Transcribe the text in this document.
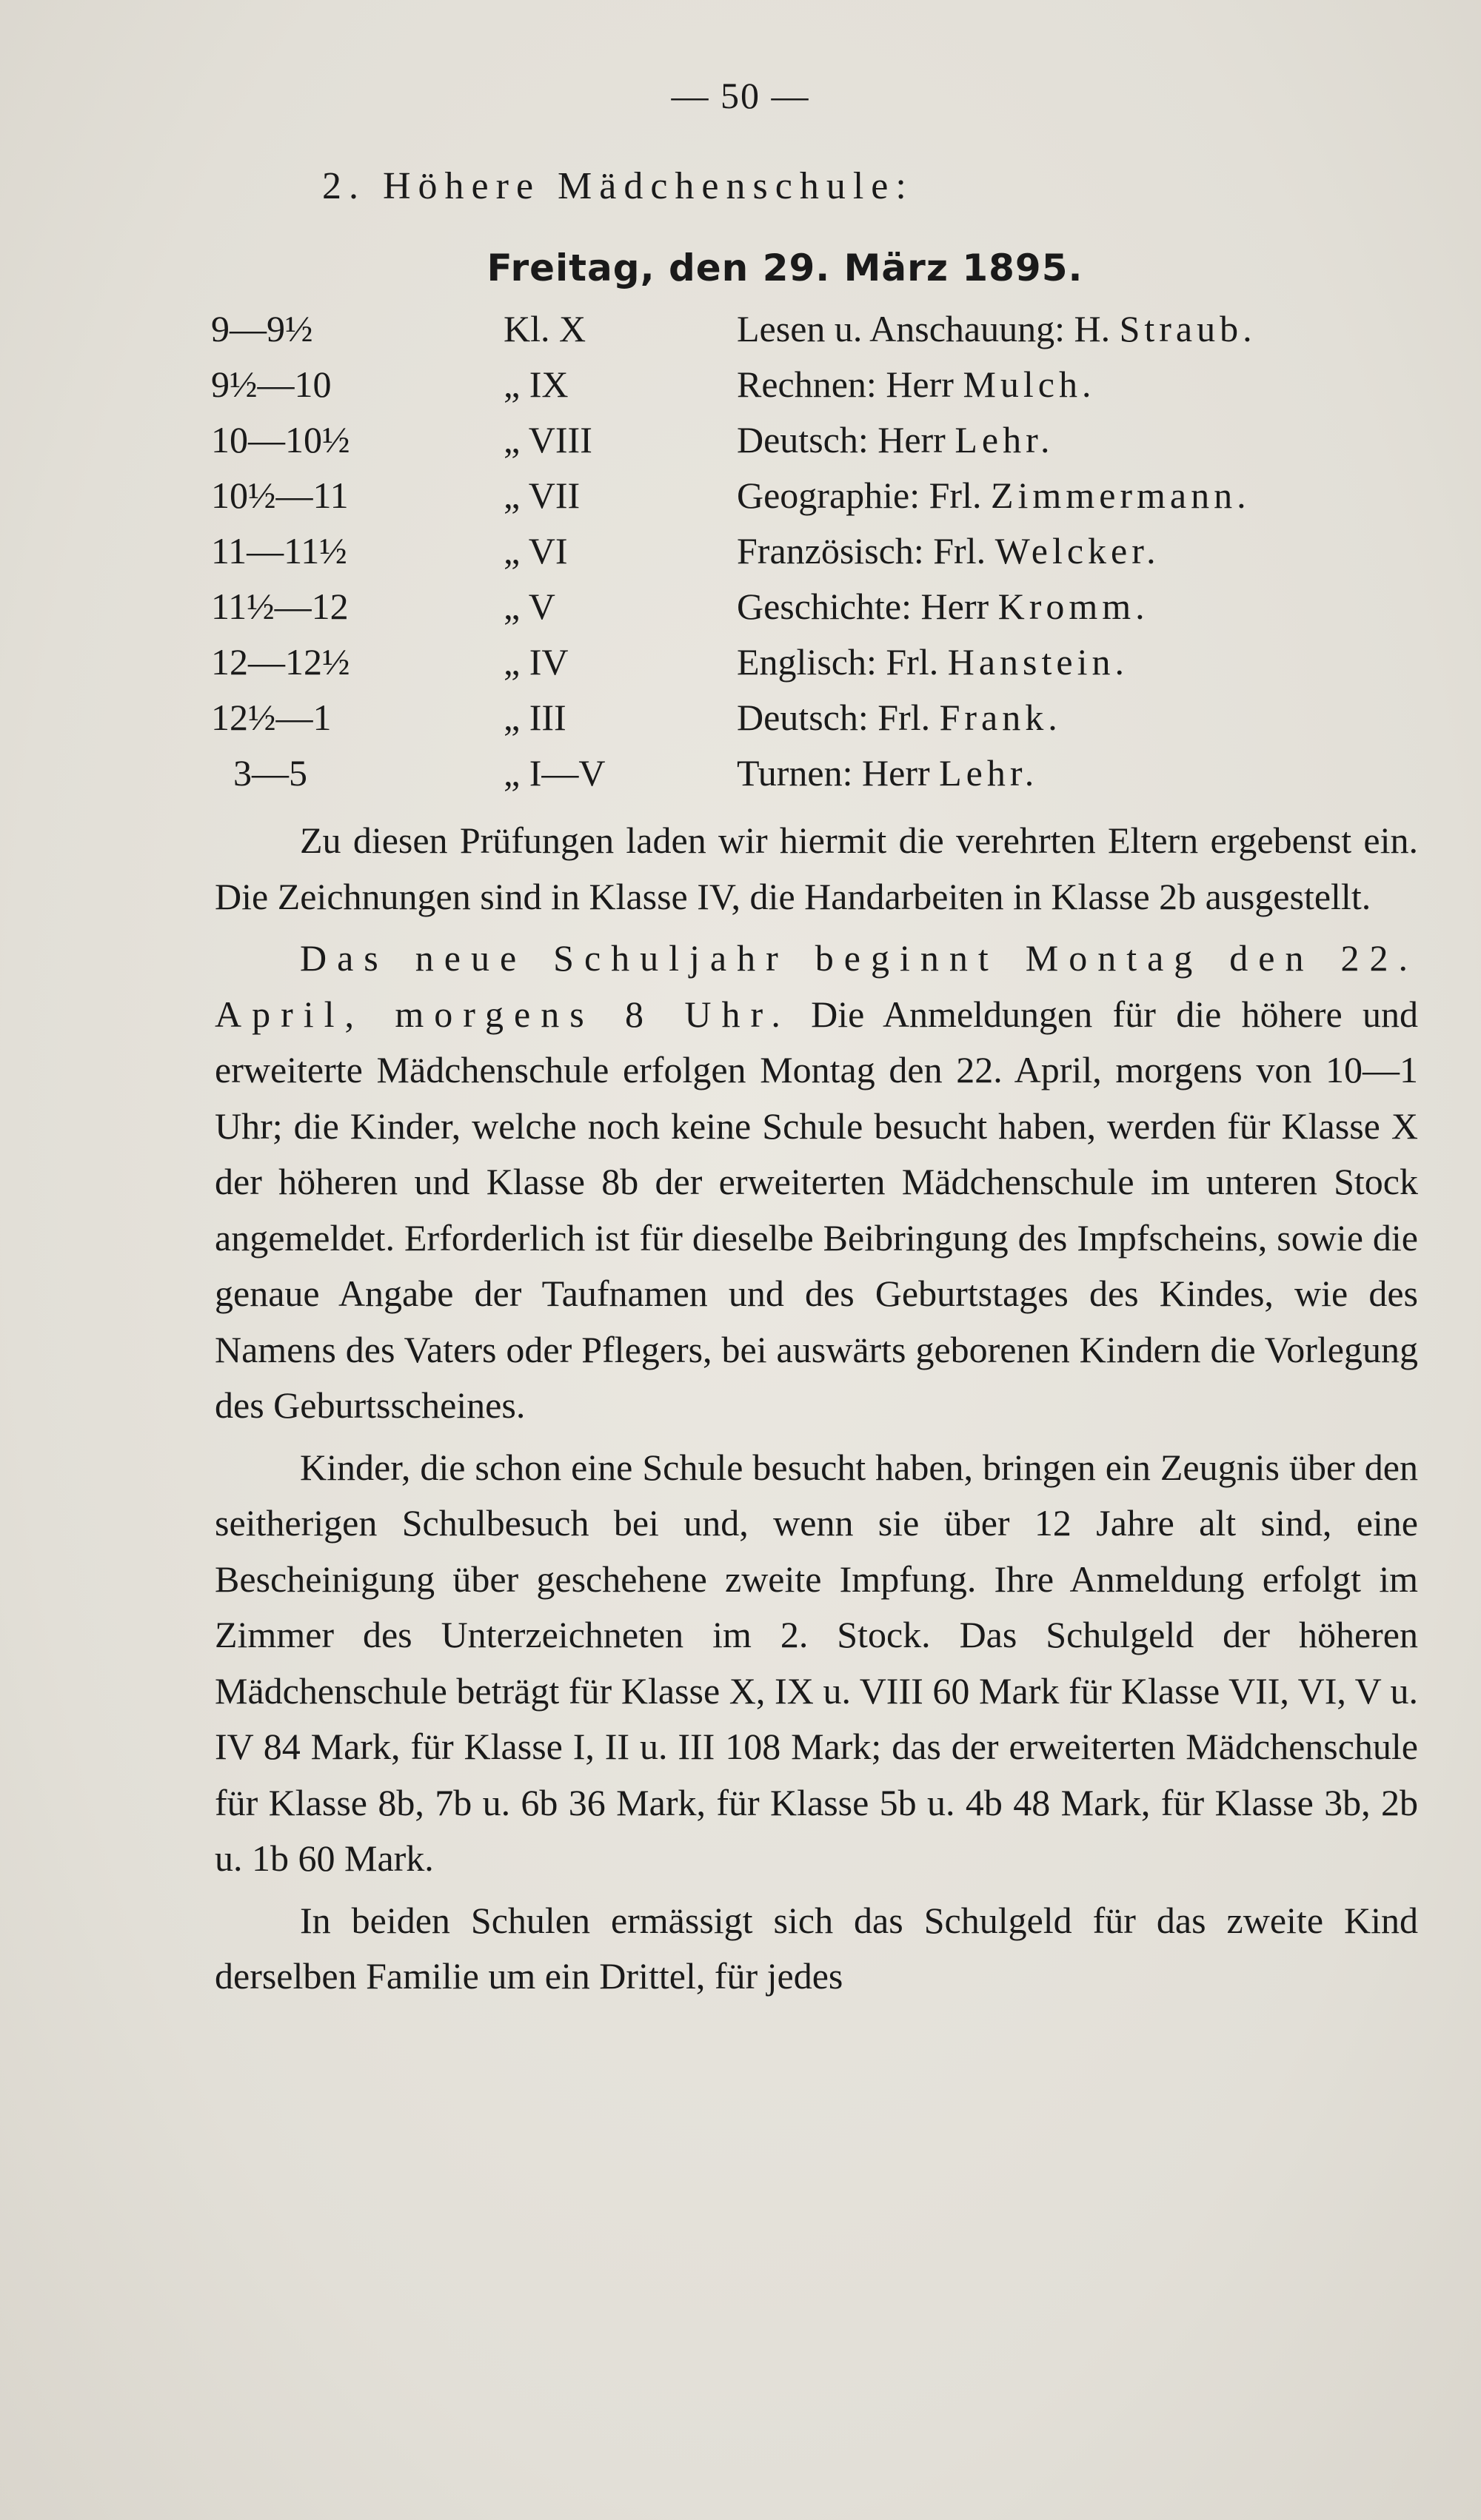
— 50 —
2. Höhere Mädchenschule:
Freitag, den 29. März 1895.
9—9½	Kl. X	Lesen u. Anschauung: H. Straub.
9½—10	„ IX	Rechnen: Herr Mulch.
10—10½	„ VIII	Deutsch: Herr Lehr.
10½—11	„ VII	Geographie: Frl. Zimmermann.
11—11½	„ VI	Französisch: Frl. Welcker.
11½—12	„ V	Geschichte: Herr Kromm.
12—12½	„ IV	Englisch: Frl. Hanstein.
12½—1	„ III	Deutsch: Frl. Frank.
3—5	„ I—V	Turnen: Herr Lehr.

Zu diesen Prüfungen laden wir hiermit die verehrten Eltern ergebenst ein. Die Zeichnungen sind in Klasse IV, die Handarbeiten in Klasse 2b ausgestellt.

Das neue Schuljahr beginnt Montag den 22. April, morgens 8 Uhr. Die Anmeldungen für die höhere und erweiterte Mädchenschule erfolgen Montag den 22. April, morgens von 10—1 Uhr; die Kinder, welche noch keine Schule besucht haben, werden für Klasse X der höheren und Klasse 8b der erweiterten Mädchenschule im unteren Stock angemeldet. Erforderlich ist für dieselbe Beibringung des Impfscheins, sowie die genaue Angabe der Taufnamen und des Geburtstages des Kindes, wie des Namens des Vaters oder Pflegers, bei auswärts geborenen Kindern die Vorlegung des Geburtsscheines.

Kinder, die schon eine Schule besucht haben, bringen ein Zeugnis über den seitherigen Schulbesuch bei und, wenn sie über 12 Jahre alt sind, eine Bescheinigung über geschehene zweite Impfung. Ihre Anmeldung erfolgt im Zimmer des Unterzeichneten im 2. Stock. Das Schulgeld der höheren Mädchenschule beträgt für Klasse X, IX u. VIII 60 Mark für Klasse VII, VI, V u. IV 84 Mark, für Klasse I, II u. III 108 Mark; das der erweiterten Mädchenschule für Klasse 8b, 7b u. 6b 36 Mark, für Klasse 5b u. 4b 48 Mark, für Klasse 3b, 2b u. 1b 60 Mark.

In beiden Schulen ermässigt sich das Schulgeld für das zweite Kind derselben Familie um ein Drittel, für jedes
